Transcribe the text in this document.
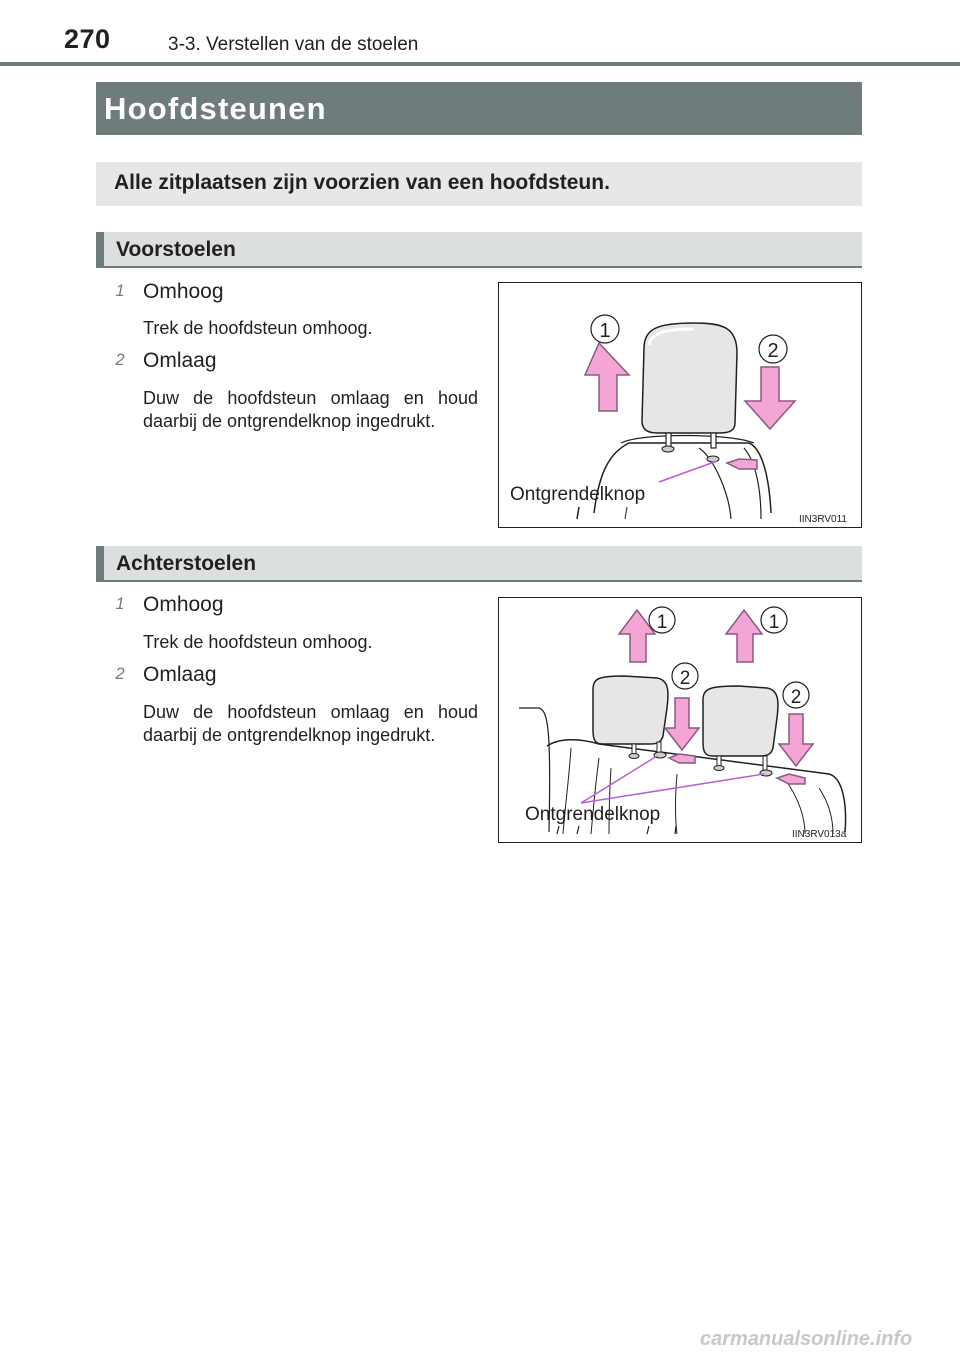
270	3-3. Verstellen van de stoelen
Hoofdsteunen
Alle zitplaatsen zijn voorzien van een hoofdsteun.
Voorstoelen
1 Omhoog
Trek de hoofdsteun omhoog.
2 Omlaag
Duw de hoofdsteun omlaag en houd daarbij de ontgrendelknop ingedrukt.
1
2
Ontgrendelknop
IIN3RV011
Achterstoelen
1 Omhoog
Trek de hoofdsteun omhoog.
2 Omlaag
Duw de hoofdsteun omlaag en houd daarbij de ontgrendelknop ingedrukt.
1	1
2
2
Ontgrendelknop
IIN3RV013a
carmanualsonline.info
